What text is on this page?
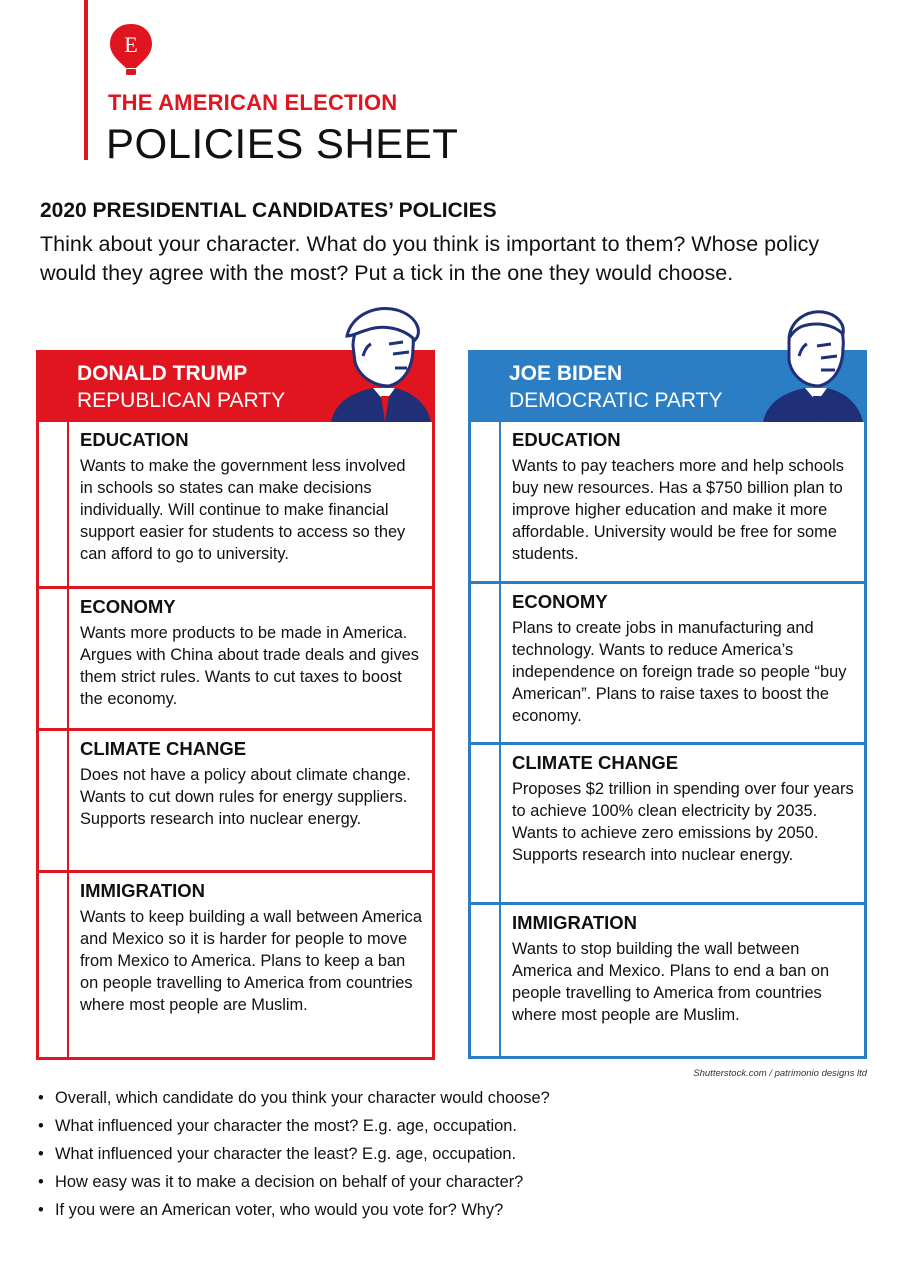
E
THE AMERICAN ELECTION
POLICIES SHEET
2020 PRESIDENTIAL CANDIDATES’ POLICIES
Think about your character. What do you think is important to them? Whose policy would they agree with the most? Put a tick in the one they would choose.
DONALD TRUMP
REPUBLICAN PARTY
EDUCATION
Wants to make the government less involved in schools so states can make decisions individually. Will continue to make financial support easier for students to access so they can afford to go to university.
ECONOMY
Wants more products to be made in America. Argues with China about trade deals and gives them strict rules. Wants to cut taxes to boost the economy.
CLIMATE CHANGE
Does not have a policy about climate change. Wants to cut down rules for energy suppliers. Supports research into nuclear energy.
IMMIGRATION
Wants to keep building a wall between America and Mexico so it is harder for people to move from Mexico to America. Plans to keep a ban on people travelling to America from countries where most people are Muslim.
JOE BIDEN
DEMOCRATIC PARTY
EDUCATION
Wants to pay teachers more and help schools buy new resources. Has a $750 billion plan to improve higher education and make it more affordable. University would be free for some students.
ECONOMY
Plans to create jobs in manufacturing and technology. Wants to reduce America’s independence on foreign trade so people “buy American”. Plans to raise taxes to boost the economy.
CLIMATE CHANGE
Proposes $2 trillion in spending over four years to achieve 100% clean electricity by 2035. Wants to achieve zero emissions by 2050. Supports research into nuclear energy.
IMMIGRATION
Wants to stop building the wall between America and Mexico. Plans to end a ban on people travelling to America from countries where most people are Muslim.
Shutterstock.com / patrimonio designs ltd
• Overall, which candidate do you think your character would choose?
• What influenced your character the most? E.g. age, occupation.
• What influenced your character the least? E.g. age, occupation.
• How easy was it to make a decision on behalf of your character?
• If you were an American voter, who would you vote for? Why?
